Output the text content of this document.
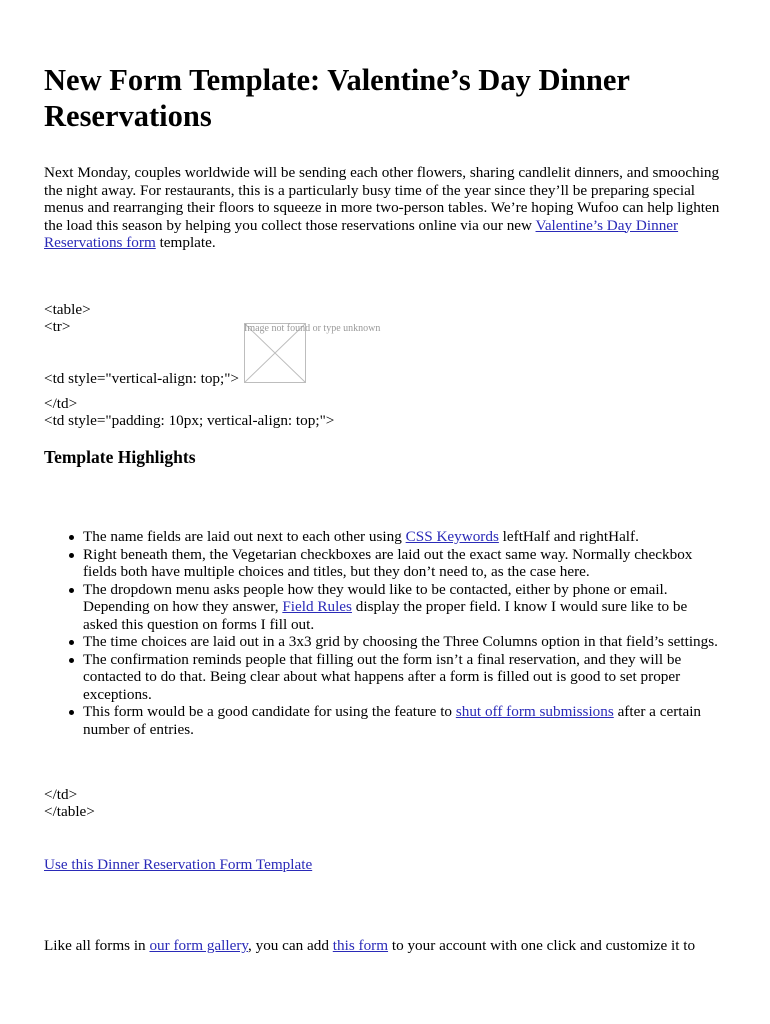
New Form Template: Valentine’s Day Dinner Reservations

Next Monday, couples worldwide will be sending each other flowers, sharing candlelit dinners, and smooching the night away. For restaurants, this is a particularly busy time of the year since they’ll be preparing special menus and rearranging their floors to squeeze in more two-person tables. We’re hoping Wufoo can help lighten the load this season by helping you collect those reservations online via our new Valentine’s Day Dinner Reservations form template.

<table>

<tr>	Image not found or type unknown

<td style="vertical-align: top;">

</td>

<td style="padding: 10px; vertical-align: top;">

Template Highlights
The name fields are laid out next to each other using CSS Keywords leftHalf and rightHalf.
Right beneath them, the Vegetarian checkboxes are laid out the exact same way. Normally checkbox fields both have multiple choices and titles, but they don’t need to, as the case here.
The dropdown menu asks people how they would like to be contacted, either by phone or email. Depending on how they answer, Field Rules display the proper field. I know I would sure like to be asked this question on forms I fill out.
The time choices are laid out in a 3x3 grid by choosing the Three Columns option in that field’s settings.
The confirmation reminds people that filling out the form isn’t a final reservation, and they will be contacted to do that. Being clear about what happens after a form is filled out is good to set proper exceptions.
This form would be a good candidate for using the feature to shut off form submissions after a certain number of entries.

</td>

</table>

Use this Dinner Reservation Form Template

Like all forms in our form gallery, you can add this form to your account with one click and customize it to
